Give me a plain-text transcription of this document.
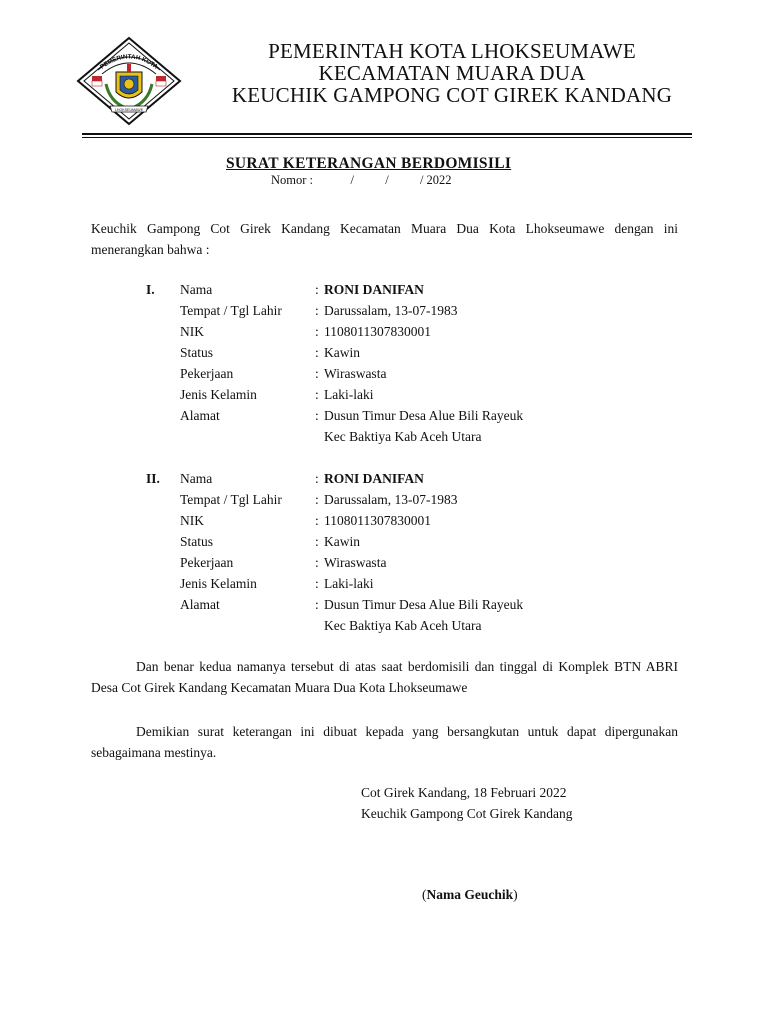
LHOKSEUMAWE
PEMERINTAH KOTA
PEMERINTAH KOTA LHOKSEUMAWE
KECAMATAN MUARA DUA
KEUCHIK GAMPONG COT GIREK KANDANG
SURAT KETERANGAN BERDOMISILI
Nomor :            /          /          / 2022
Keuchik Gampong Cot Girek Kandang Kecamatan Muara Dua Kota Lhokseumawe dengan ini menerangkan bahwa :
I. Nama	: RONI DANIFAN
Tempat / Tgl Lahir : Darussalam, 13-07-1983
NIK	: 1108011307830001
Status	: Kawin
Pekerjaan	: Wiraswasta
Jenis Kelamin	: Laki-laki
Alamat	: Dusun Timur Desa Alue Bili Rayeuk
Kec Baktiya Kab Aceh Utara
II. Nama	: RONI DANIFAN
Tempat / Tgl Lahir : Darussalam, 13-07-1983
NIK	: 1108011307830001
Status	: Kawin
Pekerjaan	: Wiraswasta
Jenis Kelamin	: Laki-laki
Alamat	: Dusun Timur Desa Alue Bili Rayeuk
Kec Baktiya Kab Aceh Utara
Dan benar kedua namanya tersebut di atas saat berdomisili dan tinggal di Komplek BTN ABRI Desa Cot Girek Kandang Kecamatan Muara Dua Kota Lhokseumawe
Demikian surat keterangan ini dibuat kepada yang bersangkutan untuk dapat dipergunakan sebagaimana mestinya.
Cot Girek Kandang, 18 Februari 2022
Keuchik Gampong Cot Girek Kandang
(Nama Geuchik)
